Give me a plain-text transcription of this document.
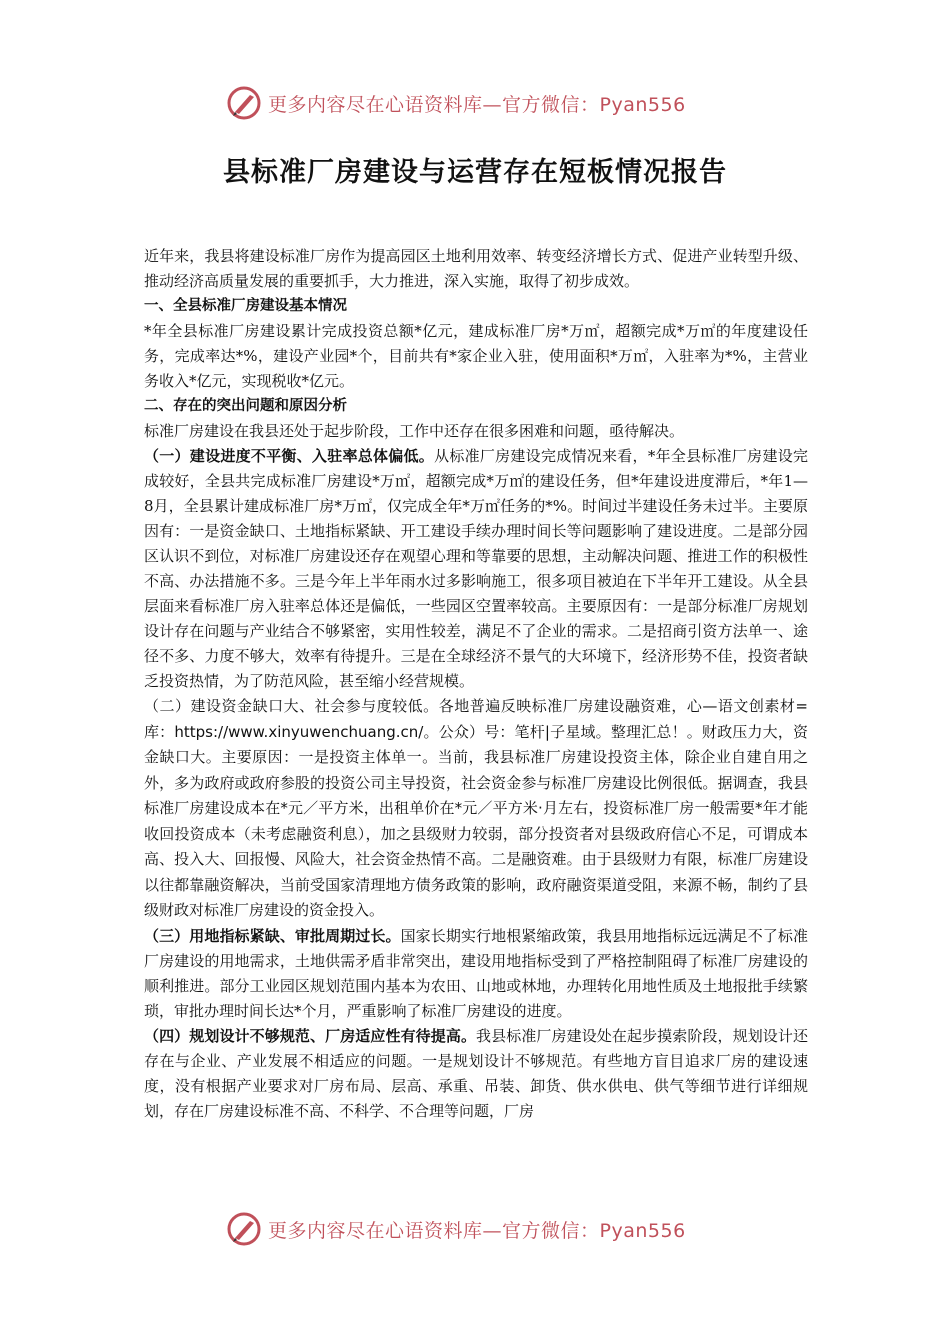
更多内容尽在心语资料库—官方微信：Pyan556
县标准厂房建设与运营存在短板情况报告

近年来，我县将建设标准厂房作为提高园区土地利用效率、转变经济增长方式、促进产业转型升级、推动经济高质量发展的重要抓手，大力推进，深入实施，取得了初步成效。

一、全县标准厂房建设基本情况

*年全县标准厂房建设累计完成投资总额*亿元，建成标准厂房*万㎡，超额完成*万㎡的年度建设任务，完成率达*%，建设产业园*个，目前共有*家企业入驻，使用面积*万㎡，入驻率为*%，主营业务收入*亿元，实现税收*亿元。

二、存在的突出问题和原因分析

标准厂房建设在我县还处于起步阶段，工作中还存在很多困难和问题，亟待解决。

（一）建设进度不平衡、入驻率总体偏低。从标准厂房建设完成情况来看，*年全县标准厂房建设完成较好，全县共完成标准厂房建设*万㎡，超额完成*万㎡的建设任务，但*年建设进度滞后，*年1—8月，全县累计建成标准厂房*万㎡，仅完成全年*万㎡任务的*%。时间过半建设任务未过半。主要原因有：一是资金缺口、土地指标紧缺、开工建设手续办理时间长等问题影响了建设进度。二是部分园区认识不到位，对标准厂房建设还存在观望心理和等靠要的思想，主动解决问题、推进工作的积极性不高、办法措施不多。三是今年上半年雨水过多影响施工，很多项目被迫在下半年开工建设。从全县层面来看标准厂房入驻率总体还是偏低，一些园区空置率较高。主要原因有：一是部分标准厂房规划设计存在问题与产业结合不够紧密，实用性较差，满足不了企业的需求。二是招商引资方法单一、途径不多、力度不够大，效率有待提升。三是在全球经济不景气的大环境下，经济形势不佳，投资者缺乏投资热情，为了防范风险，甚至缩小经营规模。

（二）建设资金缺口大、社会参与度较低。各地普遍反映标准厂房建设融资难，心—语文创素材=库：https://www.xinyuwenchuang.cn/。公众）号：笔杆|子星域。整理汇总！。财政压力大，资金缺口大。主要原因：一是投资主体单一。当前，我县标准厂房建设投资主体，除企业自建自用之外，多为政府或政府参股的投资公司主导投资，社会资金参与标准厂房建设比例很低。据调查，我县标准厂房建设成本在*元／平方米，出租单价在*元／平方米·月左右，投资标准厂房一般需要*年才能收回投资成本（未考虑融资利息），加之县级财力较弱，部分投资者对县级政府信心不足，可谓成本高、投入大、回报慢、风险大，社会资金热情不高。二是融资难。由于县级财力有限，标准厂房建设以往都靠融资解决，当前受国家清理地方债务政策的影响，政府融资渠道受阻，来源不畅，制约了县级财政对标准厂房建设的资金投入。

（三）用地指标紧缺、审批周期过长。国家长期实行地根紧缩政策，我县用地指标远远满足不了标准厂房建设的用地需求，土地供需矛盾非常突出，建设用地指标受到了严格控制阻碍了标准厂房建设的顺利推进。部分工业园区规划范围内基本为农田、山地或林地，办理转化用地性质及土地报批手续繁琐，审批办理时间长达*个月，严重影响了标准厂房建设的进度。

（四）规划设计不够规范、厂房适应性有待提高。我县标准厂房建设处在起步摸索阶段，规划设计还存在与企业、产业发展不相适应的问题。一是规划设计不够规范。有些地方盲目追求厂房的建设速度，没有根据产业要求对厂房布局、层高、承重、吊装、卸货、供水供电、供气等细节进行详细规划，存在厂房建设标准不高、不科学、不合理等问题，厂房

更多内容尽在心语资料库—官方微信：Pyan556
